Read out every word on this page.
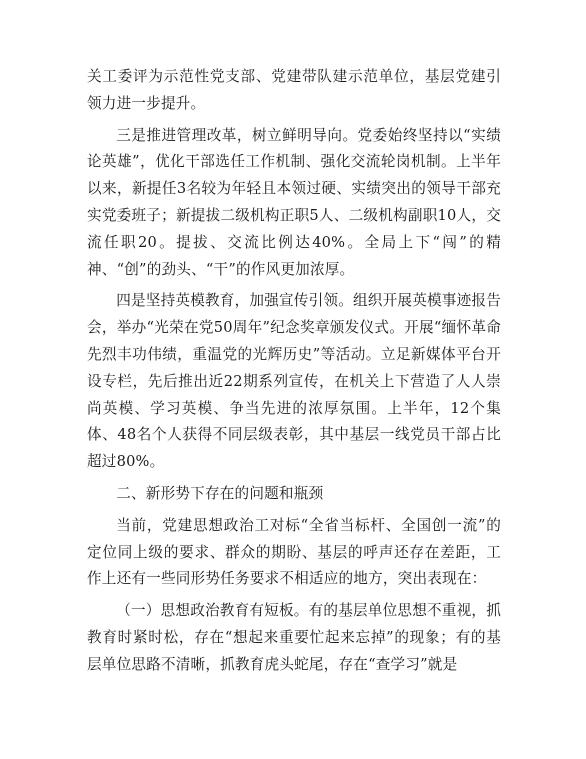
关工委评为示范性党支部、党建带队建示范单位，基层党建引领力进一步提升。

三是推进管理改革，树立鲜明导向。党委始终坚持以“实绩论英雄”，优化干部选任工作机制、强化交流轮岗机制。上半年以来，新提任3名较为年轻且本领过硬、实绩突出的领导干部充实党委班子；新提拔二级机构正职5人、二级机构副职10人，交流任职20。提拔、交流比例达40%。全局上下“闯”的精神、“创”的劲头、“干”的作风更加浓厚。

四是坚持英模教育，加强宣传引领。组织开展英模事迹报告会，举办“光荣在党50周年”纪念奖章颁发仪式。开展“缅怀革命先烈丰功伟绩，重温党的光辉历史”等活动。立足新媒体平台开设专栏，先后推出近22期系列宣传，在机关上下营造了人人崇尚英模、学习英模、争当先进的浓厚氛围。上半年，12个集体、48名个人获得不同层级表彰，其中基层一线党员干部占比超过80%。

二、新形势下存在的问题和瓶颈

当前，党建思想政治工对标“全省当标杆、全国创一流”的定位同上级的要求、群众的期盼、基层的呼声还存在差距，工作上还有一些同形势任务要求不相适应的地方，突出表现在：

（一）思想政治教育有短板。有的基层单位思想不重视，抓教育时紧时松，存在“想起来重要忙起来忘掉”的现象；有的基层单位思路不清晰，抓教育虎头蛇尾，存在“查学习”就是
